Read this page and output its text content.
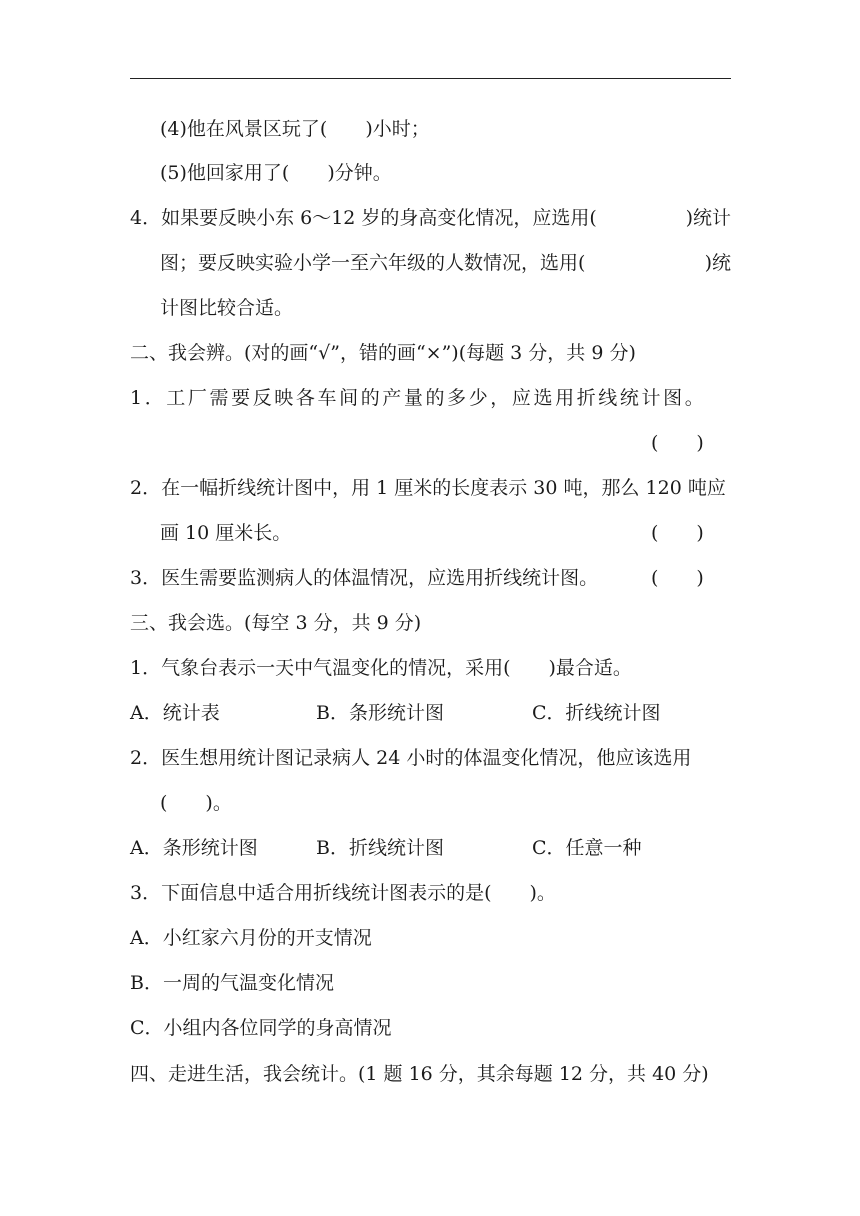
(4)他在风景区玩了(　　)小时；
(5)他回家用了(　　)分钟。
4．如果要反映小东 6～12 岁的身高变化情况，应选用(	)统计
图；要反映实验小学一至六年级的人数情况，选用(	)统
计图比较合适。
二、我会辨。(对的画“√”，错的画“×”)(每题 3 分，共 9 分)
1．工厂需要反映各车间的产量的多少，应选用折线统计图。
(　　)
2．在一幅折线统计图中，用 1 厘米的长度表示 30 吨，那么 120 吨应
画 10 厘米长。	(　　)
3．医生需要监测病人的体温情况，应选用折线统计图。	(　　)
三、我会选。(每空 3 分，共 9 分)
1．气象台表示一天中气温变化的情况，采用(　　)最合适。
A．统计表	B．条形统计图	C．折线统计图
2．医生想用统计图记录病人 24 小时的体温变化情况，他应该选用
(　　)。
A．条形统计图	B．折线统计图	C．任意一种
3．下面信息中适合用折线统计图表示的是(　　)。
A．小红家六月份的开支情况
B．一周的气温变化情况
C．小组内各位同学的身高情况
四、走进生活，我会统计。(1 题 16 分，其余每题 12 分，共 40 分)
